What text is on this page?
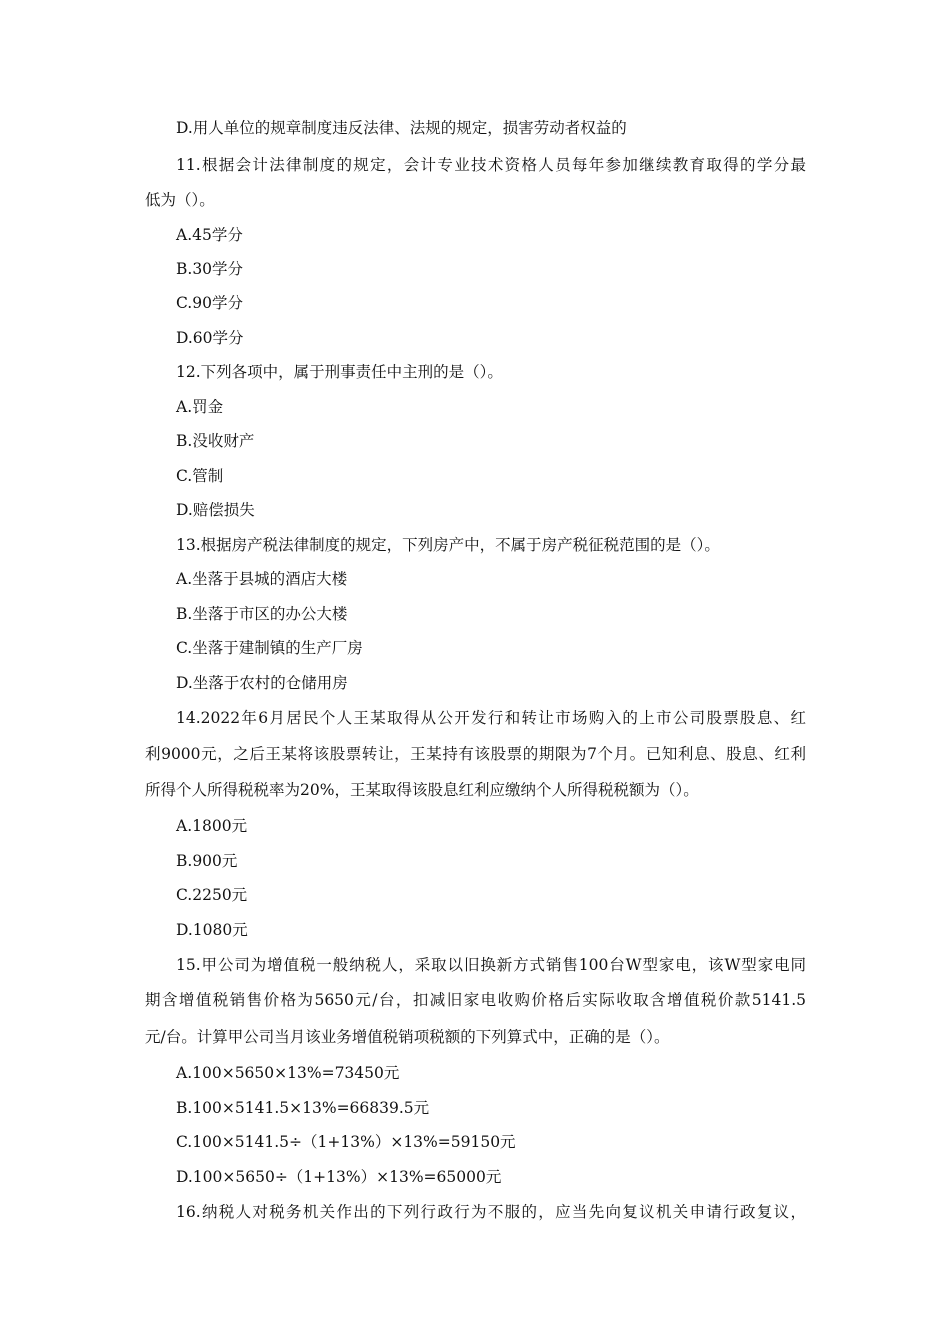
D.用人单位的规章制度违反法律、法规的规定，损害劳动者权益的
11.根据会计法律制度的规定，会计专业技术资格人员每年参加继续教育取得的学分最
低为（）。
A.45学分
B.30学分
C.90学分
D.60学分
12.下列各项中，属于刑事责任中主刑的是（）。
A.罚金
B.没收财产
C.管制
D.赔偿损失
13.根据房产税法律制度的规定，下列房产中，不属于房产税征税范围的是（）。
A.坐落于县城的酒店大楼
B.坐落于市区的办公大楼
C.坐落于建制镇的生产厂房
D.坐落于农村的仓储用房
14.2022年6月居民个人王某取得从公开发行和转让市场购入的上市公司股票股息、红
利9000元，之后王某将该股票转让，王某持有该股票的期限为7个月。已知利息、股息、红利
所得个人所得税税率为20%，王某取得该股息红利应缴纳个人所得税税额为（）。
A.1800元
B.900元
C.2250元
D.1080元
15.甲公司为增值税一般纳税人，采取以旧换新方式销售100台W型家电，该W型家电同
期含增值税销售价格为5650元/台，扣减旧家电收购价格后实际收取含增值税价款5141.5
元/台。计算甲公司当月该业务增值税销项税额的下列算式中，正确的是（）。
A.100×5650×13%=73450元
B.100×5141.5×13%=66839.5元
C.100×5141.5÷（1+13%）×13%=59150元
D.100×5650÷（1+13%）×13%=65000元
16.纳税人对税务机关作出的下列行政行为不服的，应当先向复议机关申请行政复议，
